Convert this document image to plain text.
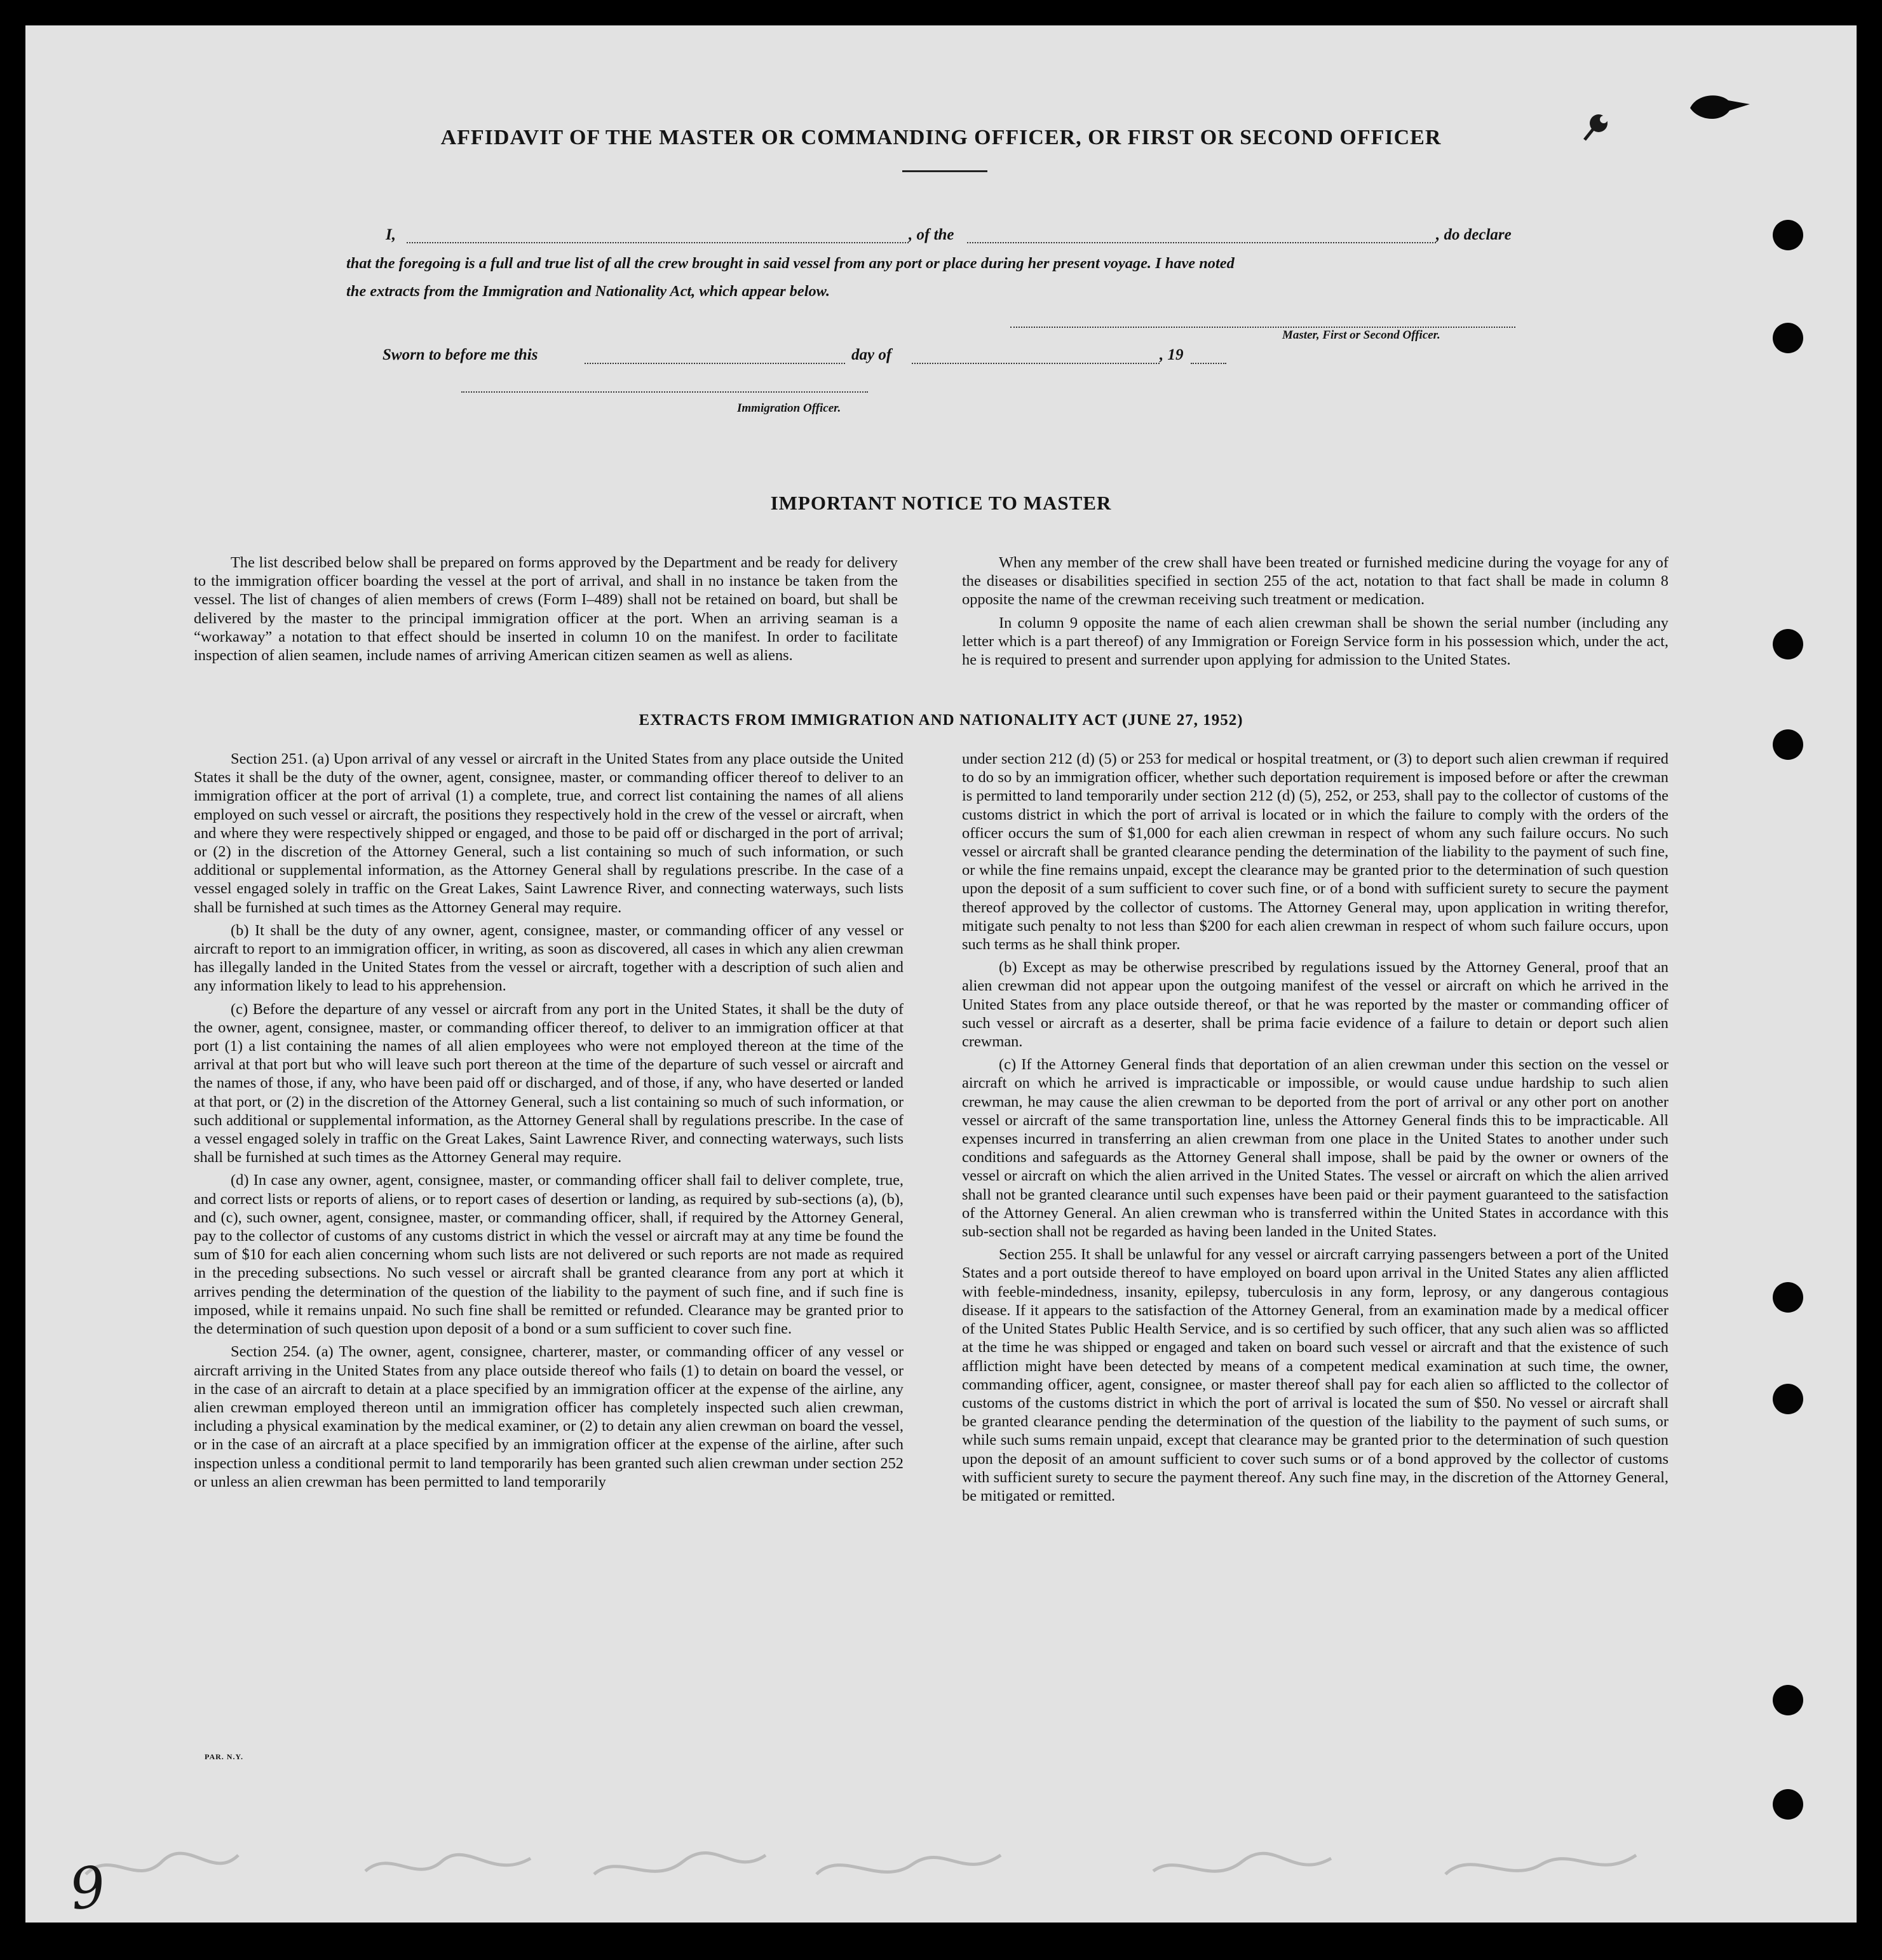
AFFIDAVIT OF THE MASTER OR COMMANDING OFFICER, OR FIRST OR SECOND OFFICER
I,	, of the	, do declare
that the foregoing is a full and true list of all the crew brought in said vessel from any port or place during her present voyage. I have noted
the extracts from the Immigration and Nationality Act, which appear below.
Master, First or Second Officer.
Sworn to before me this	day of	, 19
Immigration Officer.
IMPORTANT NOTICE TO MASTER

The list described below shall be prepared on forms approved by the Department and be ready for delivery to the immigration officer boarding the vessel at the port of arrival, and shall in no instance be taken from the vessel. The list of changes of alien members of crews (Form I–489) shall not be retained on board, but shall be delivered by the master to the principal immigration officer at the port. When an arriving seaman is a “workaway” a notation to that effect should be inserted in column 10 on the manifest. In order to facilitate inspection of alien seamen, include names of arriving American citizen seamen as well as aliens.

When any member of the crew shall have been treated or furnished medicine during the voyage for any of the diseases or disabilities specified in section 255 of the act, notation to that fact shall be made in column 8 opposite the name of the crewman receiving such treatment or medication.

In column 9 opposite the name of each alien crewman shall be shown the serial number (including any letter which is a part thereof) of any Immigration or Foreign Service form in his possession which, under the act, he is required to present and surrender upon applying for admission to the United States.

EXTRACTS FROM IMMIGRATION AND NATIONALITY ACT (JUNE 27, 1952)

Section 251. (a) Upon arrival of any vessel or aircraft in the United States from any place outside the United States it shall be the duty of the owner, agent, consignee, master, or commanding officer thereof to deliver to an immigration officer at the port of arrival (1) a complete, true, and correct list containing the names of all aliens employed on such vessel or aircraft, the positions they respectively hold in the crew of the vessel or aircraft, when and where they were respectively shipped or engaged, and those to be paid off or discharged in the port of arrival; or (2) in the discretion of the Attorney General, such a list containing so much of such information, or such additional or supplemental information, as the Attorney General shall by regulations prescribe. In the case of a vessel engaged solely in traffic on the Great Lakes, Saint Lawrence River, and connecting waterways, such lists shall be furnished at such times as the Attorney General may require.

(b) It shall be the duty of any owner, agent, consignee, master, or commanding officer of any vessel or aircraft to report to an immigration officer, in writing, as soon as discovered, all cases in which any alien crewman has illegally landed in the United States from the vessel or aircraft, together with a description of such alien and any information likely to lead to his apprehension.

(c) Before the departure of any vessel or aircraft from any port in the United States, it shall be the duty of the owner, agent, consignee, master, or commanding officer thereof, to deliver to an immigration officer at that port (1) a list containing the names of all alien employees who were not employed thereon at the time of the arrival at that port but who will leave such port thereon at the time of the departure of such vessel or aircraft and the names of those, if any, who have been paid off or discharged, and of those, if any, who have deserted or landed at that port, or (2) in the discretion of the Attorney General, such a list containing so much of such information, or such additional or supplemental information, as the Attorney General shall by regulations prescribe. In the case of a vessel engaged solely in traffic on the Great Lakes, Saint Lawrence River, and connecting waterways, such lists shall be furnished at such times as the Attorney General may require.

(d) In case any owner, agent, consignee, master, or commanding officer shall fail to deliver complete, true, and correct lists or reports of aliens, or to report cases of desertion or landing, as required by sub-sections (a), (b), and (c), such owner, agent, consignee, master, or commanding officer, shall, if required by the Attorney General, pay to the collector of customs of any customs district in which the vessel or aircraft may at any time be found the sum of $10 for each alien concerning whom such lists are not delivered or such reports are not made as required in the preceding subsections. No such vessel or aircraft shall be granted clearance from any port at which it arrives pending the determination of the question of the liability to the payment of such fine, and if such fine is imposed, while it remains unpaid. No such fine shall be remitted or refunded. Clearance may be granted prior to the determination of such question upon deposit of a bond or a sum sufficient to cover such fine.

Section 254. (a) The owner, agent, consignee, charterer, master, or commanding officer of any vessel or aircraft arriving in the United States from any place outside thereof who fails (1) to detain on board the vessel, or in the case of an aircraft to detain at a place specified by an immigration officer at the expense of the airline, any alien crewman employed thereon until an immigration officer has completely inspected such alien crewman, including a physical examination by the medical examiner, or (2) to detain any alien crewman on board the vessel, or in the case of an aircraft at a place specified by an immigration officer at the expense of the airline, after such inspection unless a conditional permit to land temporarily has been granted such alien crewman under section 252 or unless an alien crewman has been permitted to land temporarily

under section 212 (d) (5) or 253 for medical or hospital treatment, or (3) to deport such alien crewman if required to do so by an immigration officer, whether such deportation requirement is imposed before or after the crewman is permitted to land temporarily under section 212 (d) (5), 252, or 253, shall pay to the collector of customs of the customs district in which the port of arrival is located or in which the failure to comply with the orders of the officer occurs the sum of $1,000 for each alien crewman in respect of whom any such failure occurs. No such vessel or aircraft shall be granted clearance pending the determination of the liability to the payment of such fine, or while the fine remains unpaid, except the clearance may be granted prior to the determination of such question upon the deposit of a sum sufficient to cover such fine, or of a bond with sufficient surety to secure the payment thereof approved by the collector of customs. The Attorney General may, upon application in writing therefor, mitigate such penalty to not less than $200 for each alien crewman in respect of whom such failure occurs, upon such terms as he shall think proper.

(b) Except as may be otherwise prescribed by regulations issued by the Attorney General, proof that an alien crewman did not appear upon the outgoing manifest of the vessel or aircraft on which he arrived in the United States from any place outside thereof, or that he was reported by the master or commanding officer of such vessel or aircraft as a deserter, shall be prima facie evidence of a failure to detain or deport such alien crewman.

(c) If the Attorney General finds that deportation of an alien crewman under this section on the vessel or aircraft on which he arrived is impracticable or impossible, or would cause undue hardship to such alien crewman, he may cause the alien crewman to be deported from the port of arrival or any other port on another vessel or aircraft of the same transportation line, unless the Attorney General finds this to be impracticable. All expenses incurred in transferring an alien crewman from one place in the United States to another under such conditions and safeguards as the Attorney General shall impose, shall be paid by the owner or owners of the vessel or aircraft on which the alien arrived in the United States. The vessel or aircraft on which the alien arrived shall not be granted clearance until such expenses have been paid or their payment guaranteed to the satisfaction of the Attorney General. An alien crewman who is transferred within the United States in accordance with this sub-section shall not be regarded as having been landed in the United States.

Section 255. It shall be unlawful for any vessel or aircraft carrying passengers between a port of the United States and a port outside thereof to have employed on board upon arrival in the United States any alien afflicted with feeble-mindedness, insanity, epilepsy, tuberculosis in any form, leprosy, or any dangerous contagious disease. If it appears to the satisfaction of the Attorney General, from an examination made by a medical officer of the United States Public Health Service, and is so certified by such officer, that any such alien was so afflicted at the time he was shipped or engaged and taken on board such vessel or aircraft and that the existence of such affliction might have been detected by means of a competent medical examination at such time, the owner, commanding officer, agent, consignee, or master thereof shall pay for each alien so afflicted to the collector of customs of the customs district in which the port of arrival is located the sum of $50. No vessel or aircraft shall be granted clearance pending the determination of the question of the liability to the payment of such sums, or while such sums remain unpaid, except that clearance may be granted prior to the determination of such question upon the deposit of an amount sufficient to cover such sums or of a bond approved by the collector of customs with sufficient surety to secure the payment thereof. Any such fine may, in the discretion of the Attorney General, be mitigated or remitted.

PAR. N.Y.
9
